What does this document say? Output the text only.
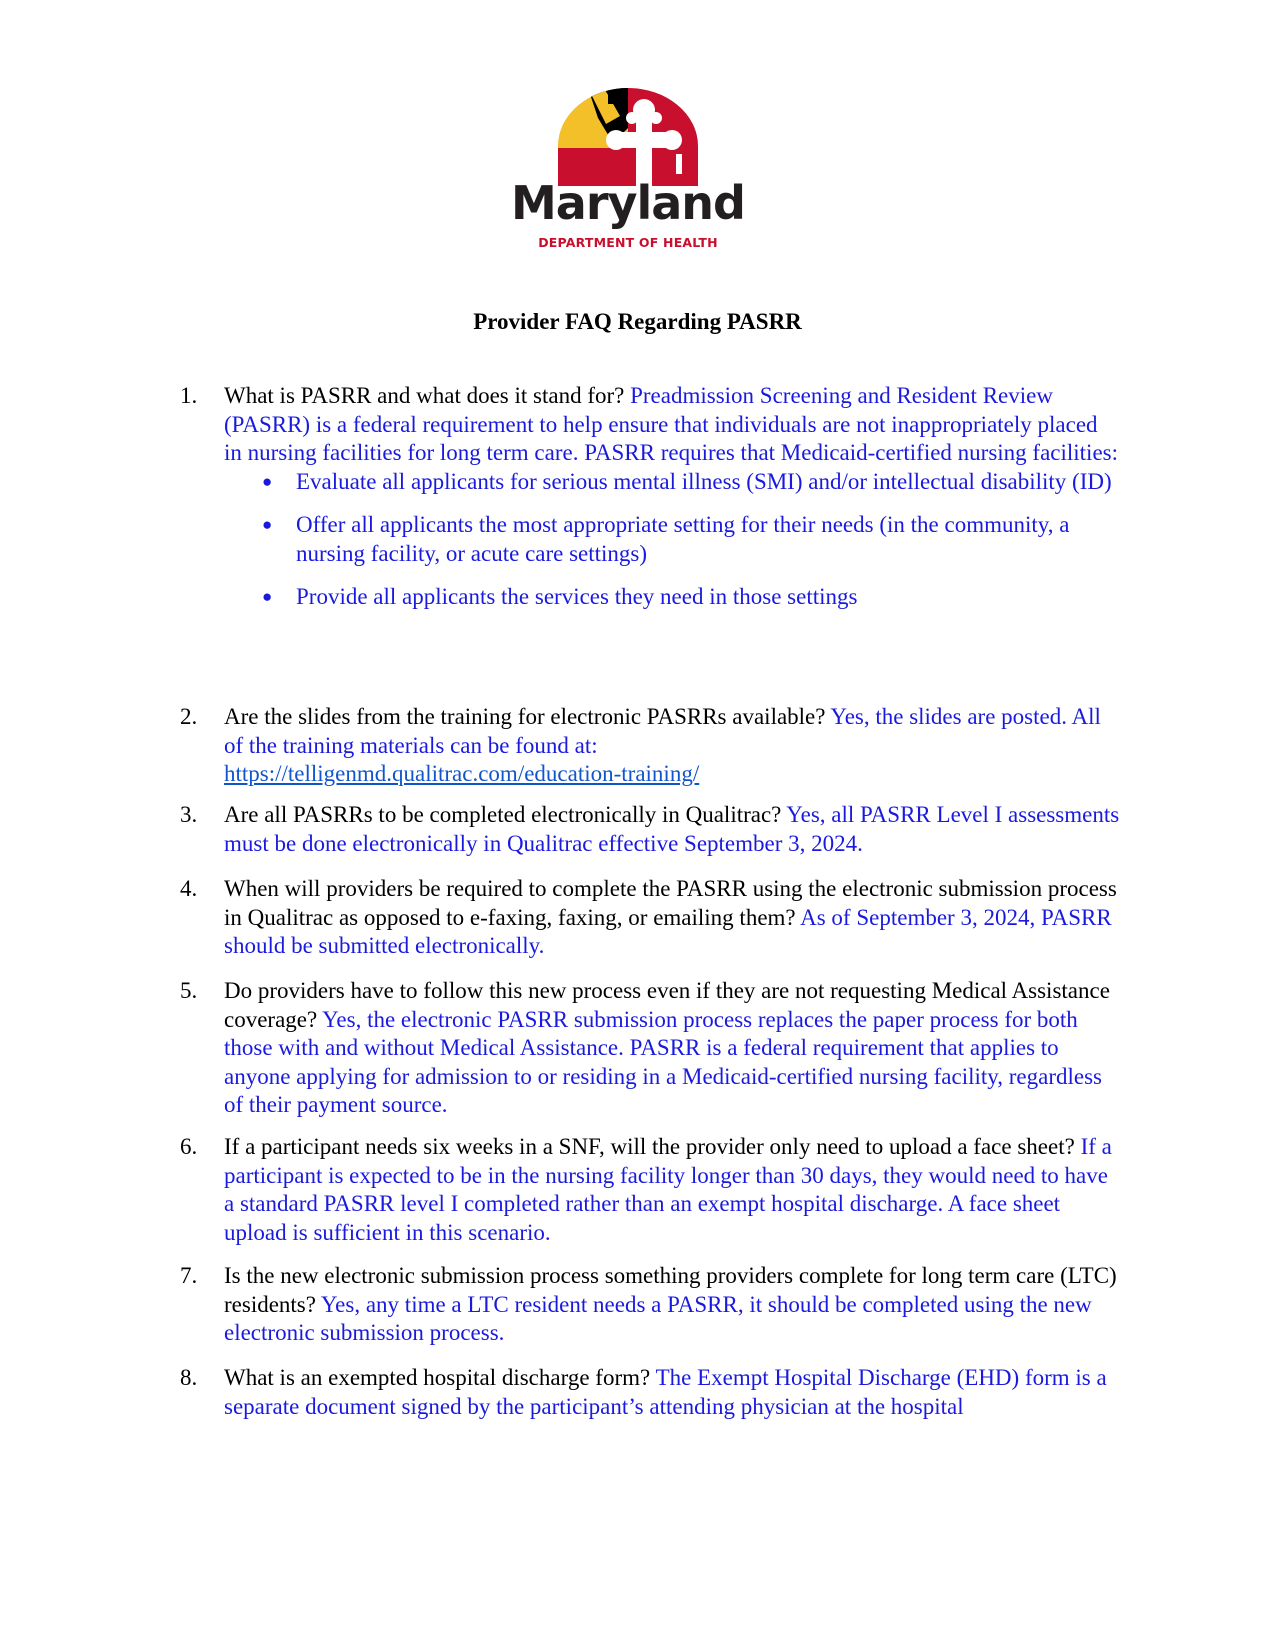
Maryland
DEPARTMENT OF HEALTH
Provider FAQ Regarding PASRR
1.	What is PASRR and what does it stand for? Preadmission Screening and Resident Review (PASRR) is a federal requirement to help ensure that individuals are not inappropriately placed in nursing facilities for long term care. PASRR requires that Medicaid-certified nursing facilities:
● Evaluate all applicants for serious mental illness (SMI) and/or intellectual disability (ID)
● Offer all applicants the most appropriate setting for their needs (in the community, a nursing facility, or acute care settings)
● Provide all applicants the services they need in those settings
2.	Are the slides from the training for electronic PASRRs available? Yes, the slides are posted. All of the training materials can be found at:
https://telligenmd.qualitrac.com/education-training/
3.	Are all PASRRs to be completed electronically in Qualitrac? Yes, all PASRR Level I assessments must be done electronically in Qualitrac effective September 3, 2024.
4.	When will providers be required to complete the PASRR using the electronic submission process in Qualitrac as opposed to e-faxing, faxing, or emailing them? As of September 3, 2024, PASRR should be submitted electronically.
5.	Do providers have to follow this new process even if they are not requesting Medical Assistance coverage? Yes, the electronic PASRR submission process replaces the paper process for both those with and without Medical Assistance. PASRR is a federal requirement that applies to anyone applying for admission to or residing in a Medicaid-certified nursing facility, regardless of their payment source.
6.	If a participant needs six weeks in a SNF, will the provider only need to upload a face sheet? If a participant is expected to be in the nursing facility longer than 30 days, they would need to have a standard PASRR level I completed rather than an exempt hospital discharge. A face sheet upload is sufficient in this scenario.
7.	Is the new electronic submission process something providers complete for long term care (LTC) residents? Yes, any time a LTC resident needs a PASRR, it should be completed using the new electronic submission process.
8.	What is an exempted hospital discharge form? The Exempt Hospital Discharge (EHD) form is a separate document signed by the participant’s attending physician at the hospital
